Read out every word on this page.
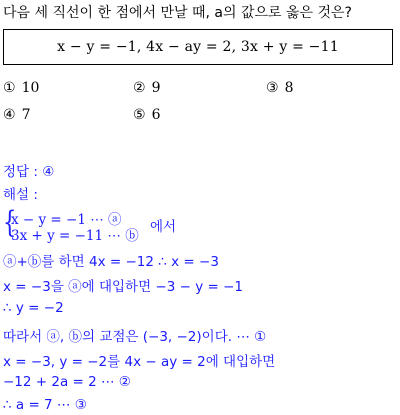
다음 세 직선이 한 점에서 만날 때, a의 값으로 옳은 것은?
x − y = −1, 4x − ay = 2, 3x + y = −11
① 10	② 9	③ 8
④ 7	⑤ 6
정답 : ④
해설 :
{
x − y = −1 ⋯ ⓐ
3x + y = −11 ⋯ ⓑ
에서
ⓐ+ⓑ를 하면 4x = −12 ∴ x = −3
x = −3을 ⓐ에 대입하면 −3 − y = −1
∴ y = −2
따라서 ⓐ, ⓑ의 교점은 (−3, −2)이다. ⋯ ①
x = −3, y = −2를 4x − ay = 2에 대입하면
−12 + 2a = 2 ⋯ ②
∴ a = 7 ⋯ ③
